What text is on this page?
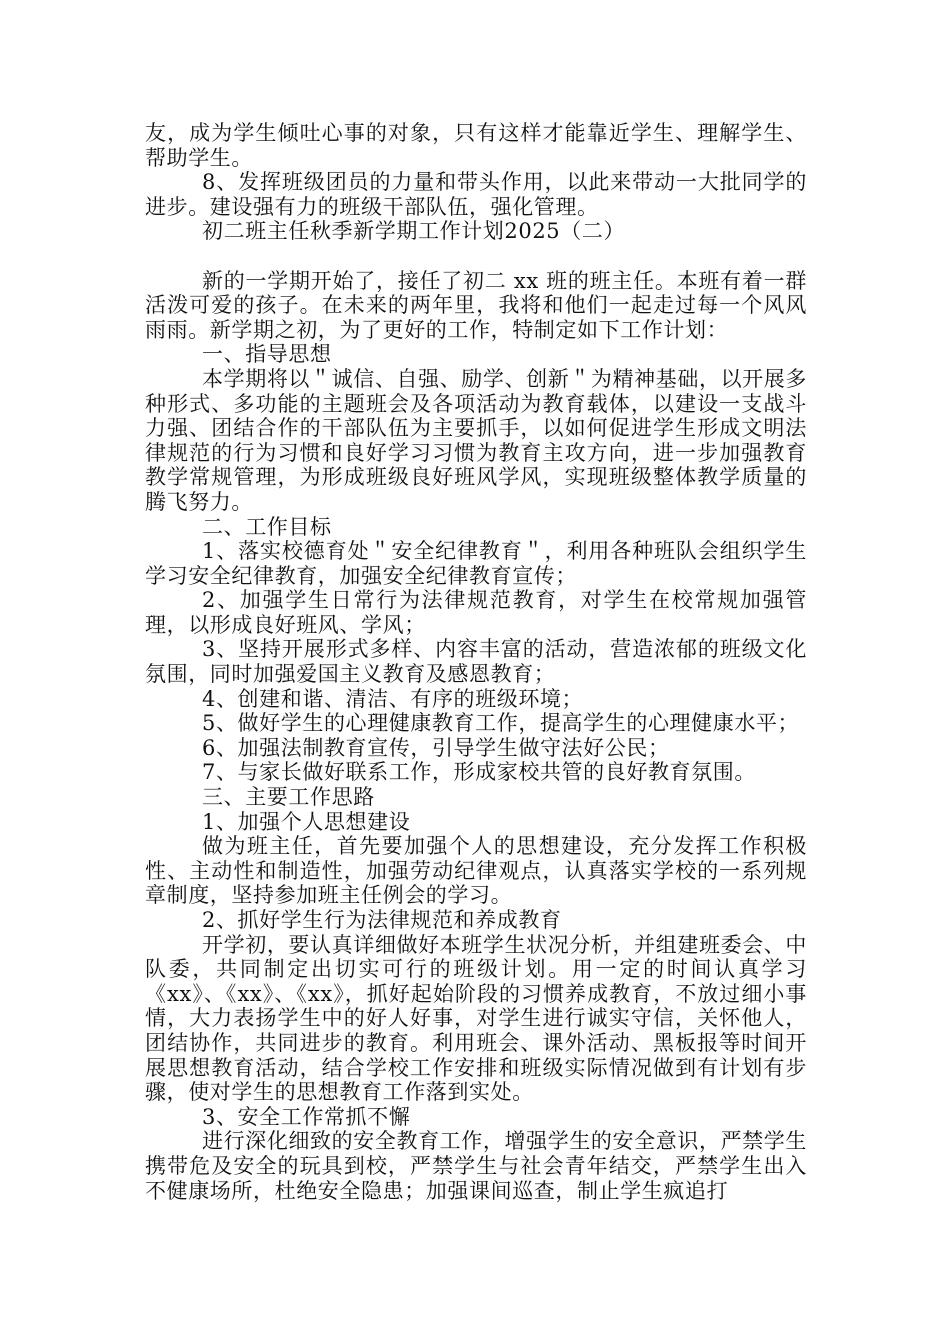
友，成为学生倾吐心事的对象，只有这样才能靠近学生、理解学生、帮助学生。

8、发挥班级团员的力量和带头作用，以此来带动一大批同学的进步。建设强有力的班级干部队伍，强化管理。

初二班主任秋季新学期工作计划2025（二）

新的一学期开始了，接任了初二 xx 班的班主任。本班有着一群活泼可爱的孩子。在未来的两年里，我将和他们一起走过每一个风风雨雨。新学期之初，为了更好的工作，特制定如下工作计划：

一、指导思想

本学期将以＂诚信、自强、励学、创新＂为精神基础，以开展多种形式、多功能的主题班会及各项活动为教育载体，以建设一支战斗力强、团结合作的干部队伍为主要抓手，以如何促进学生形成文明法律规范的行为习惯和良好学习习惯为教育主攻方向，进一步加强教育教学常规管理，为形成班级良好班风学风，实现班级整体教学质量的腾飞努力。

二、工作目标

1、落实校德育处＂安全纪律教育＂，利用各种班队会组织学生学习安全纪律教育，加强安全纪律教育宣传；

2、加强学生日常行为法律规范教育，对学生在校常规加强管理，以形成良好班风、学风；

3、坚持开展形式多样、内容丰富的活动，营造浓郁的班级文化氛围，同时加强爱国主义教育及感恩教育；

4、创建和谐、清洁、有序的班级环境；

5、做好学生的心理健康教育工作，提高学生的心理健康水平；

6、加强法制教育宣传，引导学生做守法好公民；

7、与家长做好联系工作，形成家校共管的良好教育氛围。

三、主要工作思路

1、加强个人思想建设

做为班主任，首先要加强个人的思想建设，充分发挥工作积极性、主动性和制造性，加强劳动纪律观点，认真落实学校的一系列规章制度，坚持参加班主任例会的学习。

2、抓好学生行为法律规范和养成教育

开学初，要认真详细做好本班学生状况分析，并组建班委会、中队委，共同制定出切实可行的班级计划。用一定的时间认真学习《xx》、《xx》、《xx》，抓好起始阶段的习惯养成教育，不放过细小事情，大力表扬学生中的好人好事，对学生进行诚实守信，关怀他人，团结协作，共同进步的教育。利用班会、课外活动、黑板报等时间开展思想教育活动，结合学校工作安排和班级实际情况做到有计划有步骤，使对学生的思想教育工作落到实处。

3、安全工作常抓不懈

进行深化细致的安全教育工作，增强学生的安全意识，严禁学生携带危及安全的玩具到校，严禁学生与社会青年结交，严禁学生出入不健康场所，杜绝安全隐患；加强课间巡查，制止学生疯追打
